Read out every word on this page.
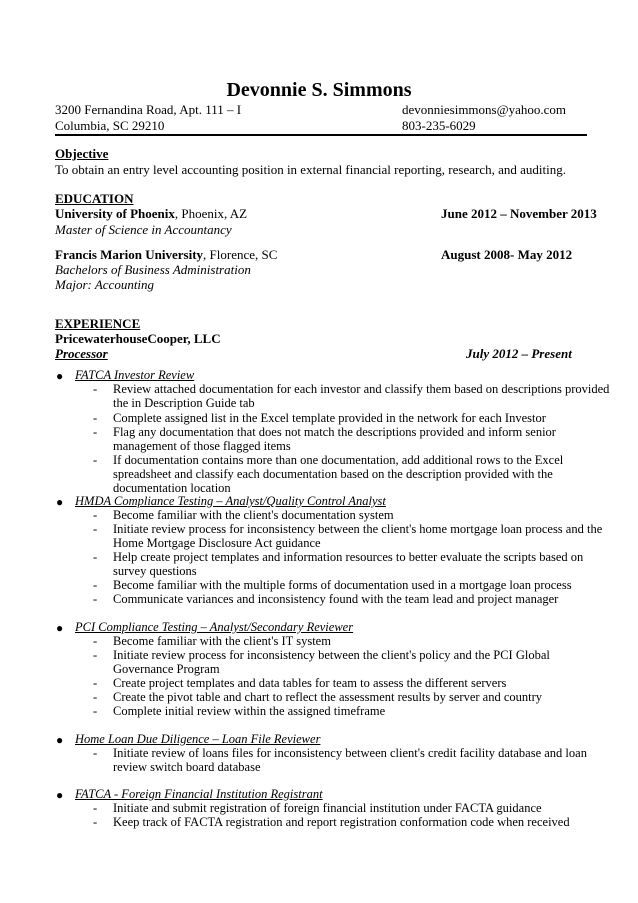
Devonnie S. Simmons
3200 Fernandina Road, Apt. 111 – I	devonniesimmons@yahoo.com
Columbia, SC 29210	803-235-6029
Objective
To obtain an entry level accounting position in external financial reporting, research, and auditing.
EDUCATION
University of Phoenix, Phoenix, AZ	June 2012 – November 2013
Master of Science in Accountancy
Francis Marion University, Florence, SC	August 2008- May 2012
Bachelors of Business Administration
Major: Accounting
EXPERIENCE
PricewaterhouseCooper, LLC
Processor	July 2012 – Present
● FATCA Investor Review
- Review attached documentation for each investor and classify them based on descriptions provided
the in Description Guide tab
- Complete assigned list in the Excel template provided in the network for each Investor
- Flag any documentation that does not match the descriptions provided and inform senior
management of those flagged items
- If documentation contains more than one documentation, add additional rows to the Excel
spreadsheet and classify each documentation based on the description provided with the
documentation location
● HMDA Compliance Testing – Analyst/Quality Control Analyst
- Become familiar with the client's documentation system
- Initiate review process for inconsistency between the client's home mortgage loan process and the
Home Mortgage Disclosure Act guidance
- Help create project templates and information resources to better evaluate the scripts based on
survey questions
- Become familiar with the multiple forms of documentation used in a mortgage loan process
- Communicate variances and inconsistency found with the team lead and project manager
● PCI Compliance Testing – Analyst/Secondary Reviewer
- Become familiar with the client's IT system
- Initiate review process for inconsistency between the client's policy and the PCI Global
Governance Program
- Create project templates and data tables for team to assess the different servers
- Create the pivot table and chart to reflect the assessment results by server and country
- Complete initial review within the assigned timeframe
● Home Loan Due Diligence – Loan File Reviewer
- Initiate review of loans files for inconsistency between client's credit facility database and loan
review switch board database
● FATCA - Foreign Financial Institution Registrant
- Initiate and submit registration of foreign financial institution under FACTA guidance
- Keep track of FACTA registration and report registration conformation code when received
